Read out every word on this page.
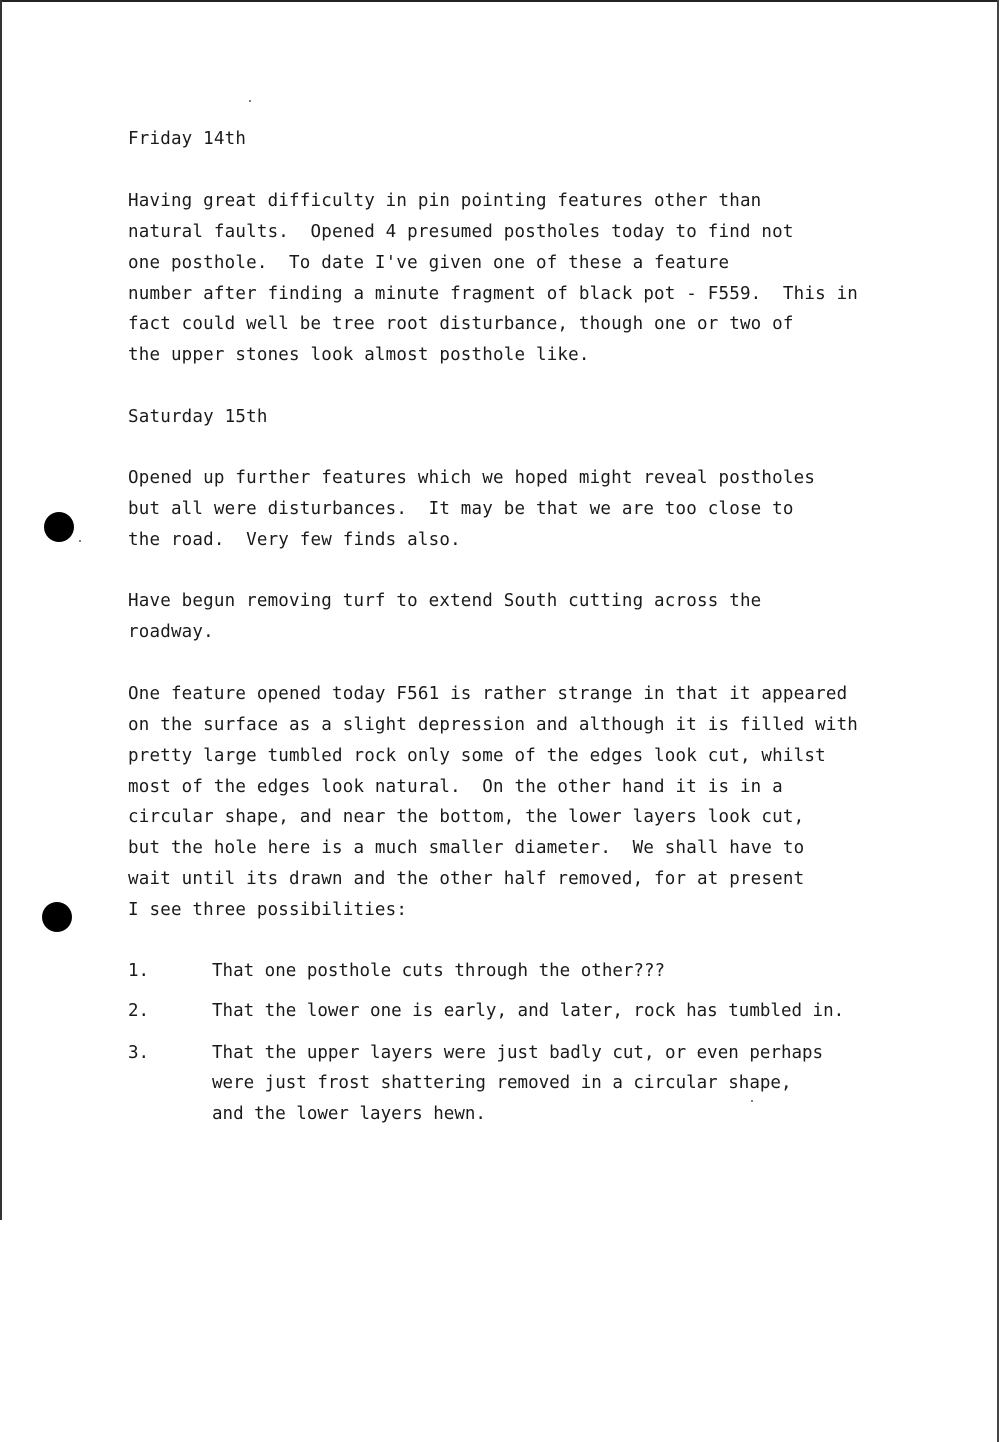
Friday 14th

Having great difficulty in pin pointing features other than

natural faults.  Opened 4 presumed postholes today to find not

one posthole.  To date I've given one of these a feature

number after finding a minute fragment of black pot - F559.  This in

fact could well be tree root disturbance, though one or two of

the upper stones look almost posthole like.

Saturday 15th

Opened up further features which we hoped might reveal postholes

but all were disturbances.  It may be that we are too close to

the road.  Very few finds also.

Have begun removing turf to extend South cutting across the

roadway.

One feature opened today F561 is rather strange in that it appeared

on the surface as a slight depression and although it is filled with

pretty large tumbled rock only some of the edges look cut, whilst

most of the edges look natural.  On the other hand it is in a

circular shape, and near the bottom, the lower layers look cut,

but the hole here is a much smaller diameter.  We shall have to

wait until its drawn and the other half removed, for at present

I see three possibilities:

1.	That one posthole cuts through the other???

2.	That the lower one is early, and later, rock has tumbled in.

3.	That the upper layers were just badly cut, or even perhaps

were just frost shattering removed in a circular shape,

and the lower layers hewn.
